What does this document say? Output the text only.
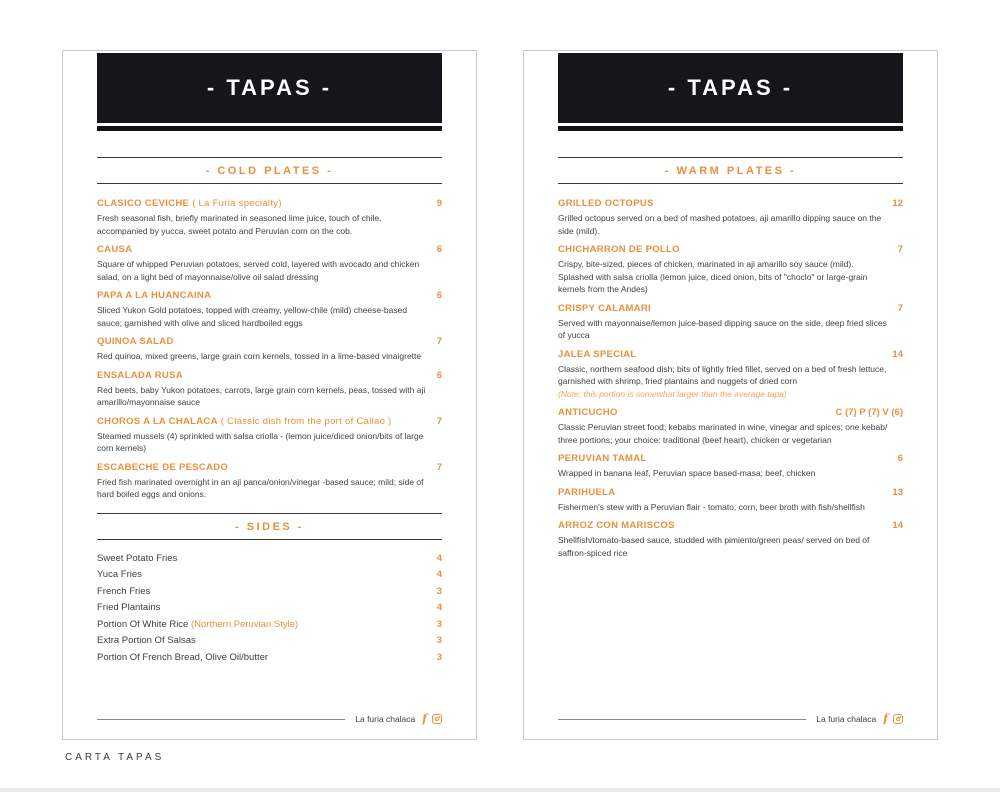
- TAPAS -
- COLD PLATES -
CLASICO CEVICHE ( La Furia specialty)	9
Fresh seasonal fish, briefly marinated in seasoned lime juice, touch of chile, accompanied by yucca, sweet potato and Peruvian corn on the cob.
CAUSA	6
Square of whipped Peruvian potatoes, served cold, layered with avocado and chicken salad, on a light bed of mayonnaise/olive oil salad dressing
PAPA A LA HUANCAINA	6
Sliced Yukon Gold potatoes, topped with creamy, yellow-chile (mild) cheese-based sauce; garnished with olive and sliced hardboiled eggs
QUINOA SALAD	7
Red quinoa, mixed greens, large grain corn kernels, tossed in a lime-based vinaigrette
ENSALADA RUSA	6
Red beets, baby Yukon potatoes, carrots, large grain corn kernels, peas, tossed with aji amarillo/mayonnaise sauce
CHOROS A LA CHALACA ( Classic dish from the port of Callao )	7
Steamed mussels (4) sprinkled with salsa criolla - (lemon juice/diced onion/bits of large corn kernels)
ESCABECHE DE PESCADO	7
Fried fish marinated overnight in an aji panca/onion/vinegar -based sauce; mild; side of hard boiled eggs and onions.
- SIDES -
Sweet Potato Fries	4
Yuca Fries	4
French Fries	3
Fried Plantains	4
Portion Of White Rice (Northern Peruvian Style)	3
Extra Portion Of Salsas	3
Portion Of French Bread, Olive Oil/butter	3
La furia chalaca f
- TAPAS -
- WARM PLATES -
GRILLED OCTOPUS	12
Grilled octopus served on a bed of mashed potatoes, aji amarillo dipping sauce on the side (mild).
CHICHARRON DE POLLO	7
Crispy, bite-sized, pieces of chicken, marinated in aji amarillo soy sauce (mild). Splashed with salsa criolla (lemon juice, diced onion, bits of "choclo" or large-grain kernels from the Andes)
CRISPY CALAMARI	7
Served with mayonnaise/lemon juice-based dipping sauce on the side, deep fried slices of yucca
JALEA SPECIAL	14
Classic, northern seafood dish; bits of lightly fried fillet, served on a bed of fresh lettuce, garnished with shrimp, fried plantains and nuggets of dried corn
(Note: this portion is somewhat larger than the average tapa)
ANTICUCHO	C (7) P (7) V (6)
Classic Peruvian street food; kebabs marinated in wine, vinegar and spices; one kebab/ three portions; your choice: traditional (beef heart), chicken or vegetarian
PERUVIAN TAMAL	6
Wrapped in banana leaf, Peruvian space based-masa; beef, chicken
PARIHUELA	13
Fishermen's stew with a Peruvian flair - tomato, corn, beer broth with fish/shellfish
ARROZ CON MARISCOS	14
Shellfish/tomato-based sauce, studded with pimiento/green peas/ served on bed of saffron-spiced rice
La furia chalaca f
CARTA TAPAS
